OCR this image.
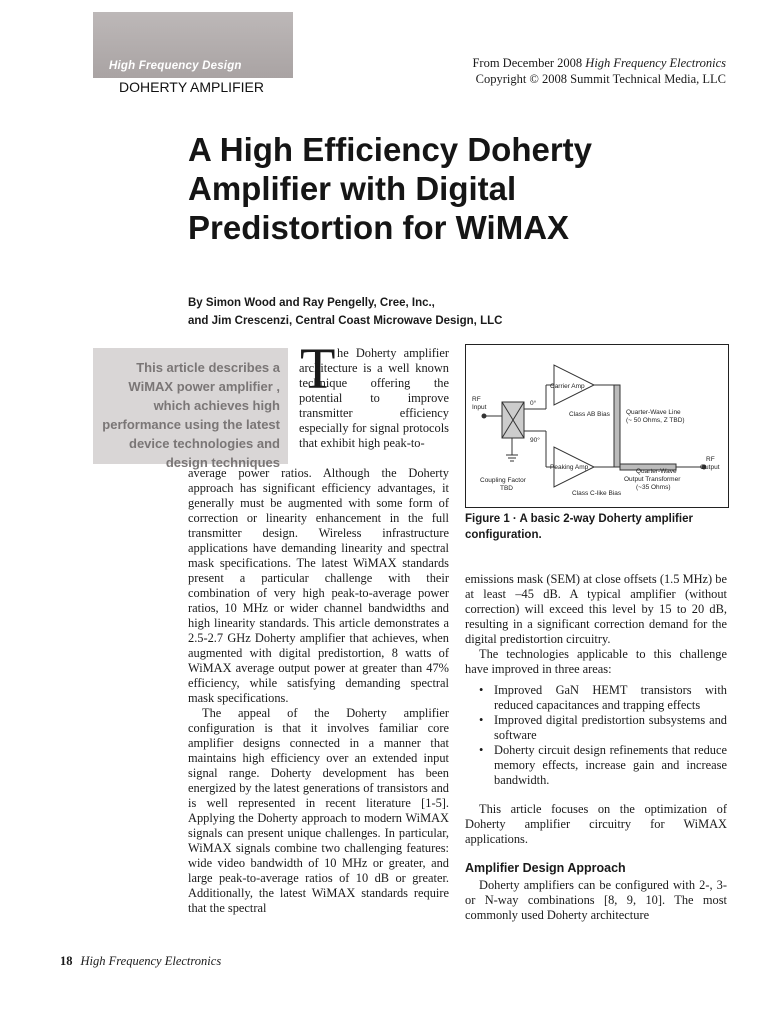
High Frequency Design
DOHERTY AMPLIFIER
From December 2008 High Frequency Electronics
Copyright © 2008 Summit Technical Media, LLC
A High Efficiency Doherty Amplifier with Digital Predistortion for WiMAX
By Simon Wood and Ray Pengelly, Cree, Inc.,
and Jim Crescenzi, Central Coast Microwave Design, LLC
This article describes a WiMAX power amplifier , which achieves high performance using the latest device technologies and design techniques
T he Doherty amplifier architecture is a well known technique offering the potential to improve transmitter efficiency especially for signal protocols that exhibit high peak-to-

average power ratios. Although the Doherty approach has significant efficiency advantages, it generally must be augmented with some form of correction or linearity enhancement in the full transmitter design. Wireless infrastructure applications have demanding linearity and spectral mask specifications. The latest WiMAX standards present a particular challenge with their combination of very high peak-to-average power ratios, 10 MHz or wider channel bandwidths and high linearity standards. This article demonstrates a 2.5-2.7 GHz Doherty amplifier that achieves, when augmented with digital predistortion, 8 watts of WiMAX average output power at greater than 47% efficiency, while satisfying demanding spectral mask specifications.

The appeal of the Doherty amplifier configuration is that it involves familiar core amplifier designs connected in a manner that maintains high efficiency over an extended input signal range. Doherty development has been energized by the latest generations of transistors and is well represented in recent literature [1-5]. Applying the Doherty approach to modern WiMAX signals can present unique challenges. In particular, WiMAX signals combine two challenging features: wide video bandwidth of 10 MHz or greater, and large peak-to-average ratios of 10 dB or greater. Additionally, the latest WiMAX standards require that the spectral

RF
Input
0°
90°
Carrier Amp
Class AB Bias Quarter-Wave Line
(~ 50 Ohms, Z TBD)
Peaking Amp
Quarter-Wave
Output Transformer
(~35 Ohms)
RF
Output
Coupling Factor
TBD
Class C-like Bias
Figure 1 · A basic 2-way Doherty amplifier configuration.

emissions mask (SEM) at close offsets (1.5 MHz) be at least –45 dB. A typical amplifier (without correction) will exceed this level by 15 to 20 dB, resulting in a significant correction demand for the digital predistortion circuitry.

The technologies applicable to this challenge have improved in three areas:

• Improved GaN HEMT transistors with reduced capacitances and trapping effects
• Improved digital predistortion subsystems and software
• Doherty circuit design refinements that reduce memory effects, increase gain and increase bandwidth.

This article focuses on the optimization of Doherty amplifier circuitry for WiMAX applications.

Amplifier Design Approach

Doherty amplifiers can be configured with 2-, 3- or N-way combinations [8, 9, 10]. The most commonly used Doherty architecture

18 High Frequency Electronics
